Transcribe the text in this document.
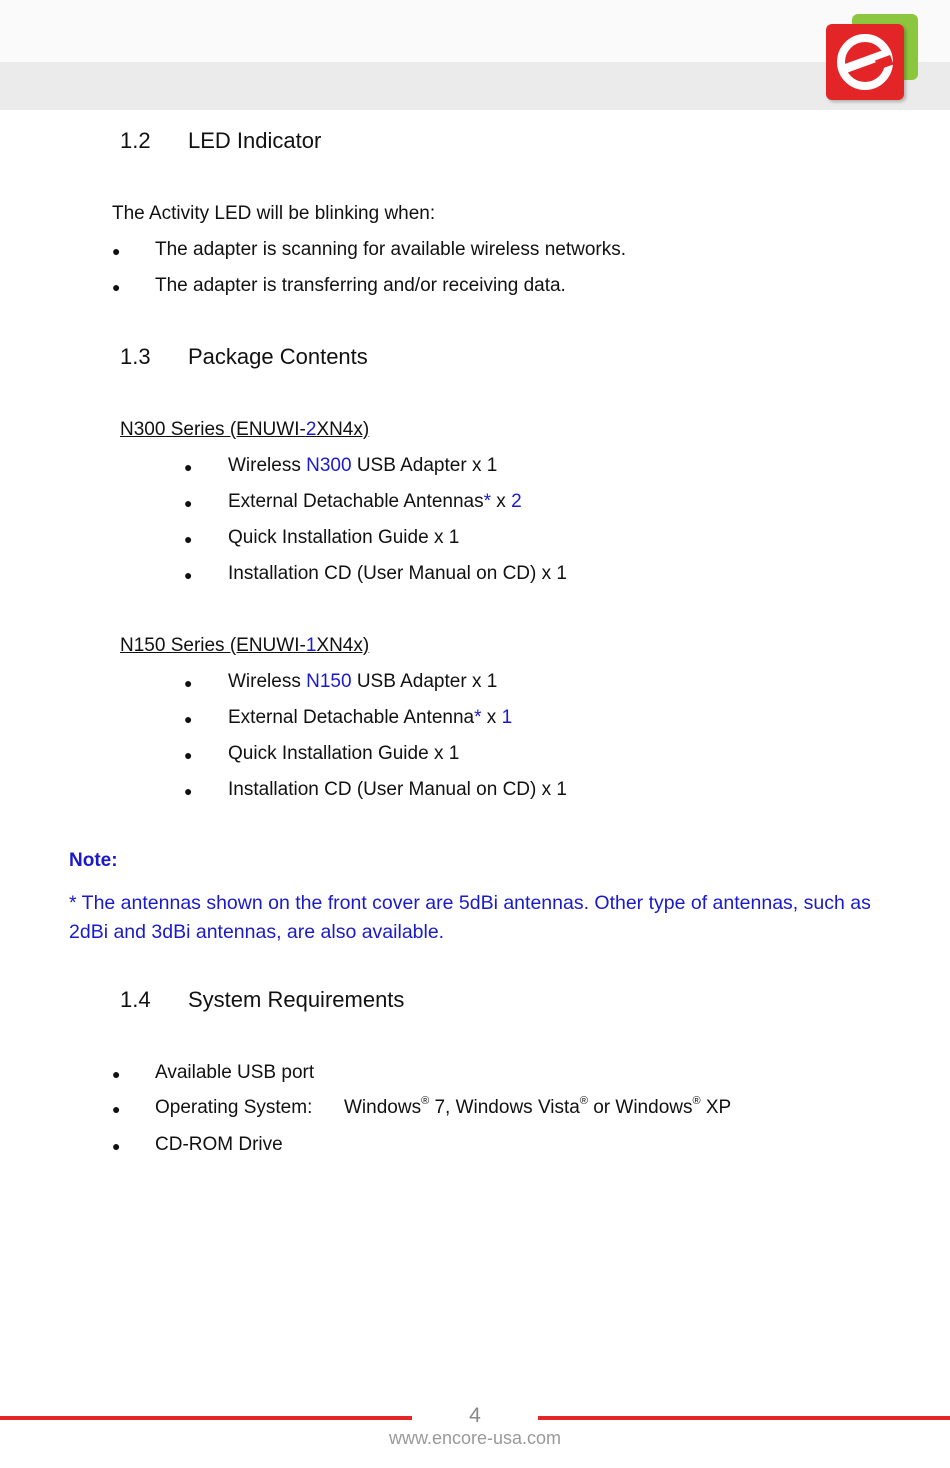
1.2 LED Indicator
The Activity LED will be blinking when:
● The adapter is scanning for available wireless networks.
● The adapter is transferring and/or receiving data.
1.3 Package Contents
N300 Series (ENUWI-2XN4x)
● Wireless N300 USB Adapter x 1
● External Detachable Antennas* x 2
● Quick Installation Guide x 1
● Installation CD (User Manual on CD) x 1
N150 Series (ENUWI-1XN4x)
● Wireless N150 USB Adapter x 1
● External Detachable Antenna* x 1
● Quick Installation Guide x 1
● Installation CD (User Manual on CD) x 1
Note:
* The antennas shown on the front cover are 5dBi antennas. Other type of antennas, such as 2dBi and 3dBi antennas, are also available.
1.4 System Requirements
● Available USB port
● Operating System: Windows® 7, Windows Vista® or Windows® XP
● CD-ROM Drive
4
www.encore-usa.com
